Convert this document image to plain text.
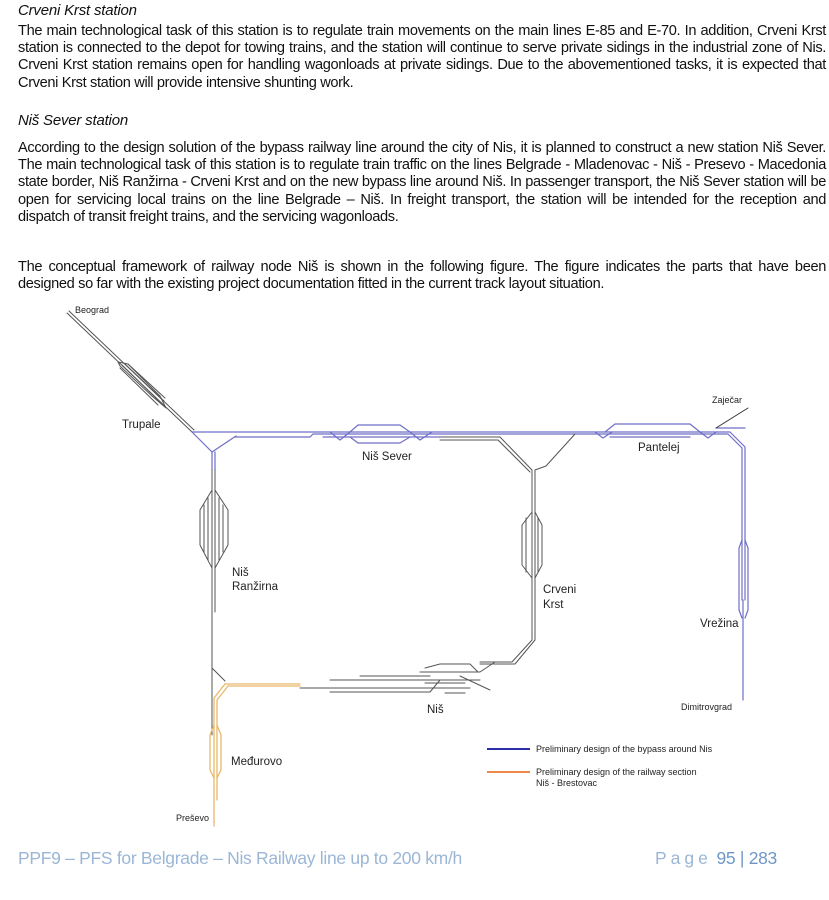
Crveni Krst station

The main technological task of this station is to regulate train movements on the main lines E-85 and E-70. In addition, Crveni Krst station is connected to the depot for towing trains, and the station will continue to serve private sidings in the industrial zone of Nis. Crveni Krst station remains open for handling wagonloads at private sidings. Due to the abovementioned tasks, it is expected that Crveni Krst station will provide intensive shunting work.

Niš Sever station

According to the design solution of the bypass railway line around the city of Nis, it is planned to construct a new station Niš Sever. The main technological task of this station is to regulate train traffic on the lines Belgrade - Mladenovac - Niš - Presevo - Macedonia state border, Niš Ranžirna - Crveni Krst and on the new bypass line around Niš. In passenger transport, the Niš Sever station will be open for servicing local trains on the line Belgrade – Niš. In freight transport, the station will be intended for the reception and dispatch of transit freight trains, and the servicing wagonloads.

The conceptual framework of railway node Niš is shown in the following figure. The figure indicates the parts that have been designed so far with the existing project documentation fitted in the current track layout situation.

Beograd
Trupale
Niš Sever
Pantelej
Zaječar
Niš
Ranžirna	Crveni
Krst
Vrežina
Dimitrovgrad
Niš
Međurovo
Preševo
Preliminary design of the bypass around Nis
Preliminary design of the railway section
Niš - Brestovac
PPF9 – PFS for Belgrade – Nis Railway line up to 200 km/h	Page 95 | 283
